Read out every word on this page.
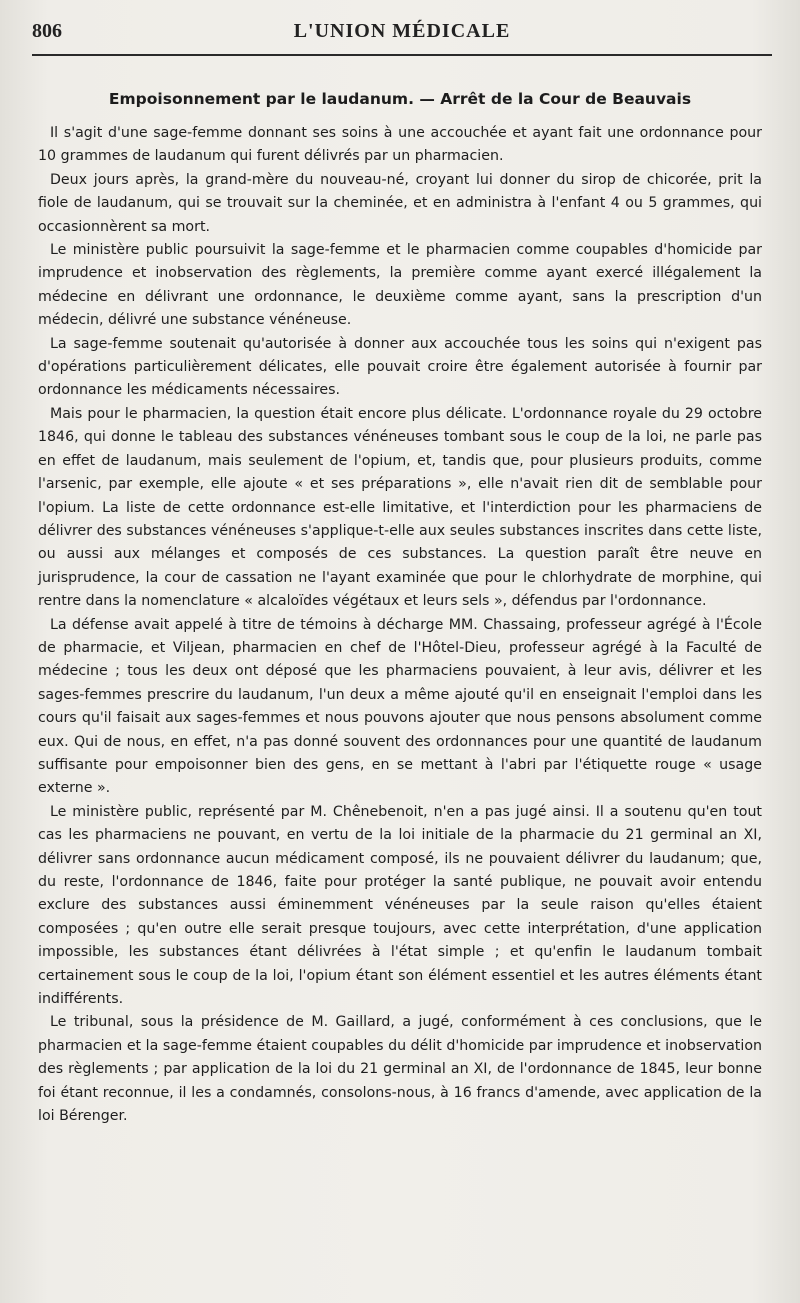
806	L'UNION MÉDICALE
Empoisonnement par le laudanum. — Arrêt de la Cour de Beauvais

Il s'agit d'une sage-femme donnant ses soins à une accouchée et ayant fait une ordonnance pour 10 grammes de laudanum qui furent délivrés par un pharmacien.

Deux jours après, la grand-mère du nouveau-né, croyant lui donner du sirop de chicorée, prit la fiole de laudanum, qui se trouvait sur la cheminée, et en administra à l'enfant 4 ou 5 grammes, qui occasionnèrent sa mort.

Le ministère public poursuivit la sage-femme et le pharmacien comme coupables d'homicide par imprudence et inobservation des règlements, la première comme ayant exercé illégalement la médecine en délivrant une ordonnance, le deuxième comme ayant, sans la prescription d'un médecin, délivré une substance vénéneuse.

La sage-femme soutenait qu'autorisée à donner aux accouchée tous les soins qui n'exigent pas d'opérations particulièrement délicates, elle pouvait croire être également autorisée à fournir par ordonnance les médicaments nécessaires.

Mais pour le pharmacien, la question était encore plus délicate. L'ordonnance royale du 29 octobre 1846, qui donne le tableau des substances vénéneuses tombant sous le coup de la loi, ne parle pas en effet de laudanum, mais seulement de l'opium, et, tandis que, pour plusieurs produits, comme l'arsenic, par exemple, elle ajoute « et ses préparations », elle n'avait rien dit de semblable pour l'opium. La liste de cette ordonnance est-elle limitative, et l'interdiction pour les pharmaciens de délivrer des substances vénéneuses s'applique-t-elle aux seules substances inscrites dans cette liste, ou aussi aux mélanges et composés de ces substances. La question paraît être neuve en jurisprudence, la cour de cassation ne l'ayant examinée que pour le chlorhydrate de morphine, qui rentre dans la nomenclature « alcaloïdes végétaux et leurs sels », défendus par l'ordonnance.

La défense avait appelé à titre de témoins à décharge MM. Chassaing, professeur agrégé à l'École de pharmacie, et Viljean, pharmacien en chef de l'Hôtel-Dieu, professeur agrégé à la Faculté de médecine ; tous les deux ont déposé que les pharmaciens pouvaient, à leur avis, délivrer et les sages-femmes prescrire du laudanum, l'un deux a même ajouté qu'il en enseignait l'emploi dans les cours qu'il faisait aux sages-femmes et nous pouvons ajouter que nous pensons absolument comme eux. Qui de nous, en effet, n'a pas donné souvent des ordonnances pour une quantité de laudanum suffisante pour empoisonner bien des gens, en se mettant à l'abri par l'étiquette rouge « usage externe ».

Le ministère public, représenté par M. Chênebenoit, n'en a pas jugé ainsi. Il a soutenu qu'en tout cas les pharmaciens ne pouvant, en vertu de la loi initiale de la pharmacie du 21 germinal an XI, délivrer sans ordonnance aucun médicament composé, ils ne pouvaient délivrer du laudanum; que, du reste, l'ordonnance de 1846, faite pour protéger la santé publique, ne pouvait avoir entendu exclure des substances aussi éminemment vénéneuses par la seule raison qu'elles étaient composées ; qu'en outre elle serait presque toujours, avec cette interprétation, d'une application impossible, les substances étant délivrées à l'état simple ; et qu'enfin le laudanum tombait certainement sous le coup de la loi, l'opium étant son élément essentiel et les autres éléments étant indifférents.

Le tribunal, sous la présidence de M. Gaillard, a jugé, conformément à ces conclusions, que le pharmacien et la sage-femme étaient coupables du délit d'homicide par imprudence et inobservation des règlements ; par application de la loi du 21 germinal an XI, de l'ordonnance de 1845, leur bonne foi étant reconnue, il les a condamnés, consolons-nous, à 16 francs d'amende, avec application de la loi Bérenger.
